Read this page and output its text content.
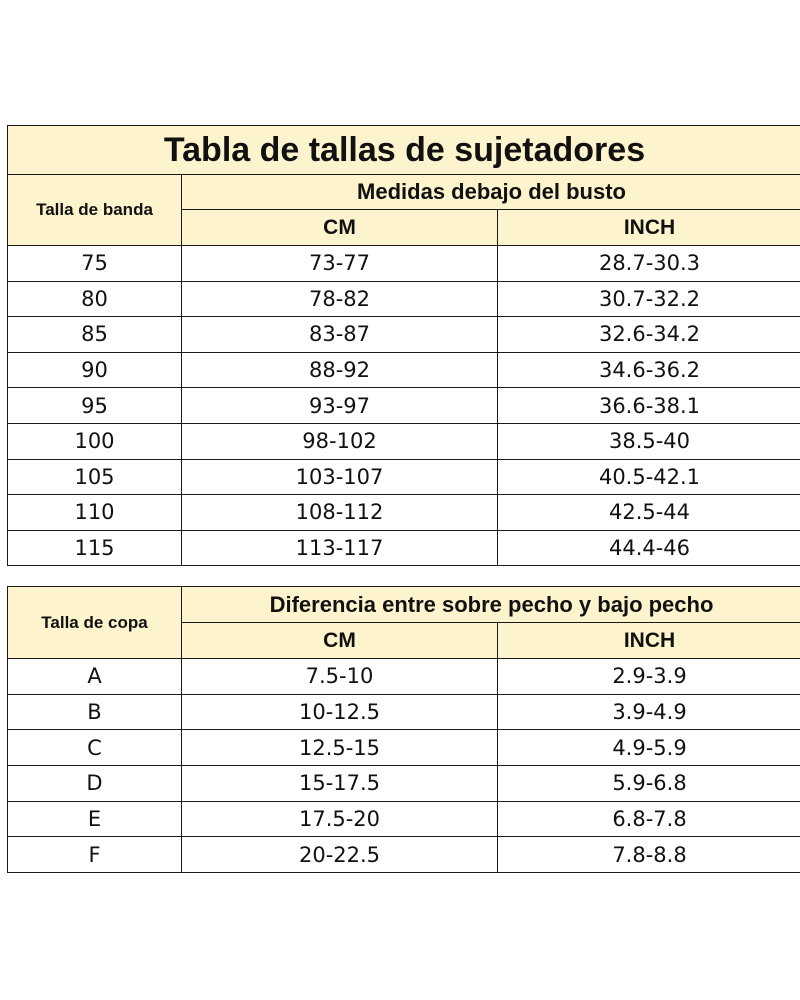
Tabla de tallas de sujetadores		
Talla de banda	Medidas debajo del busto	
	CM	INCH
75	73-77	28.7-30.3
80	78-82	30.7-32.2
85	83-87	32.6-34.2
90	88-92	34.6-36.2
95	93-97	36.6-38.1
100	98-102	38.5-40
105	103-107	40.5-42.1
110	108-112	42.5-44
115	113-117	44.4-46
Talla de copa	Diferencia entre sobre pecho y bajo pecho	
	CM	INCH
A	7.5-10	2.9-3.9
B	10-12.5	3.9-4.9
C	12.5-15	4.9-5.9
D	15-17.5	5.9-6.8
E	17.5-20	6.8-7.8
F	20-22.5	7.8-8.8
